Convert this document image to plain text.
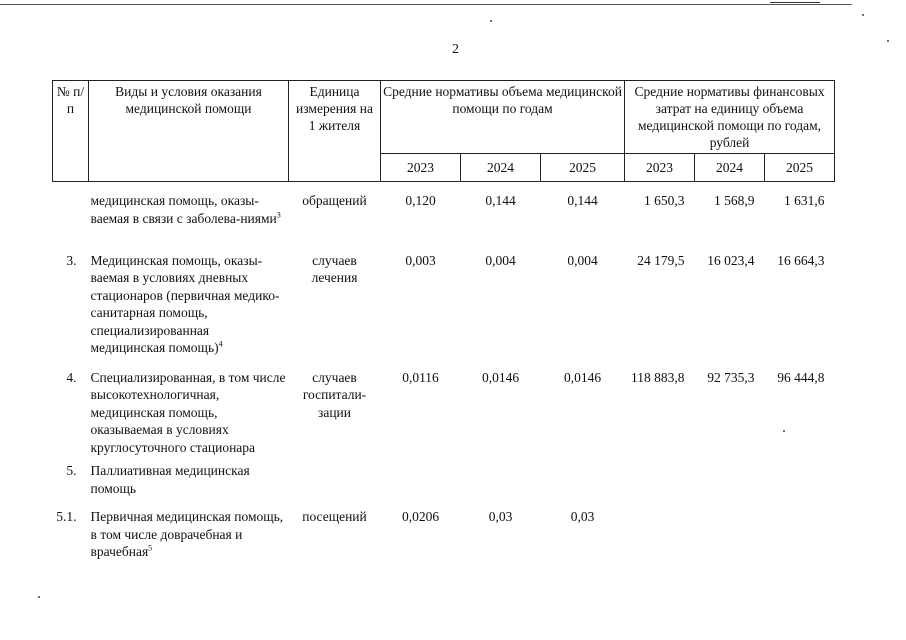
2
№ п/п	Виды и условия оказания медицинской помощи	Единица измерения на 1 жителя	Средние нормативы объема медицинской помощи по годам			Средние нормативы финансовых затрат на единицу объема медицинской помощи по годам, рублей		
			2023	2024	2025	2023	2024	2025
	медицинская помощь, оказы-ваемая в связи с заболева-ниями$^3$	обращений	0,120	0,144	0,144	1 650,3	1 568,9	1 631,6
3.	Медицинская помощь, оказы-ваемая в условиях дневных стационаров (первичная медико-санитарная помощь, специализированная медицинская помощь)$^4$	случаев лечения	0,003	0,004	0,004	24 179,5	16 023,4	16 664,3
4.	Специализированная, в том числе высокотехнологичная, медицинская помощь, оказываемая в условиях круглосуточного стационара	случаев госпитали-зации	0,0116	0,0146	0,0146	118 883,8	92 735,3	96 444,8
5.	Паллиативная медицинская помощь							
5.1.	Первичная медицинская помощь, в том числе доврачебная и врачебная$^5$	посещений	0,0206	0,03	0,03			
